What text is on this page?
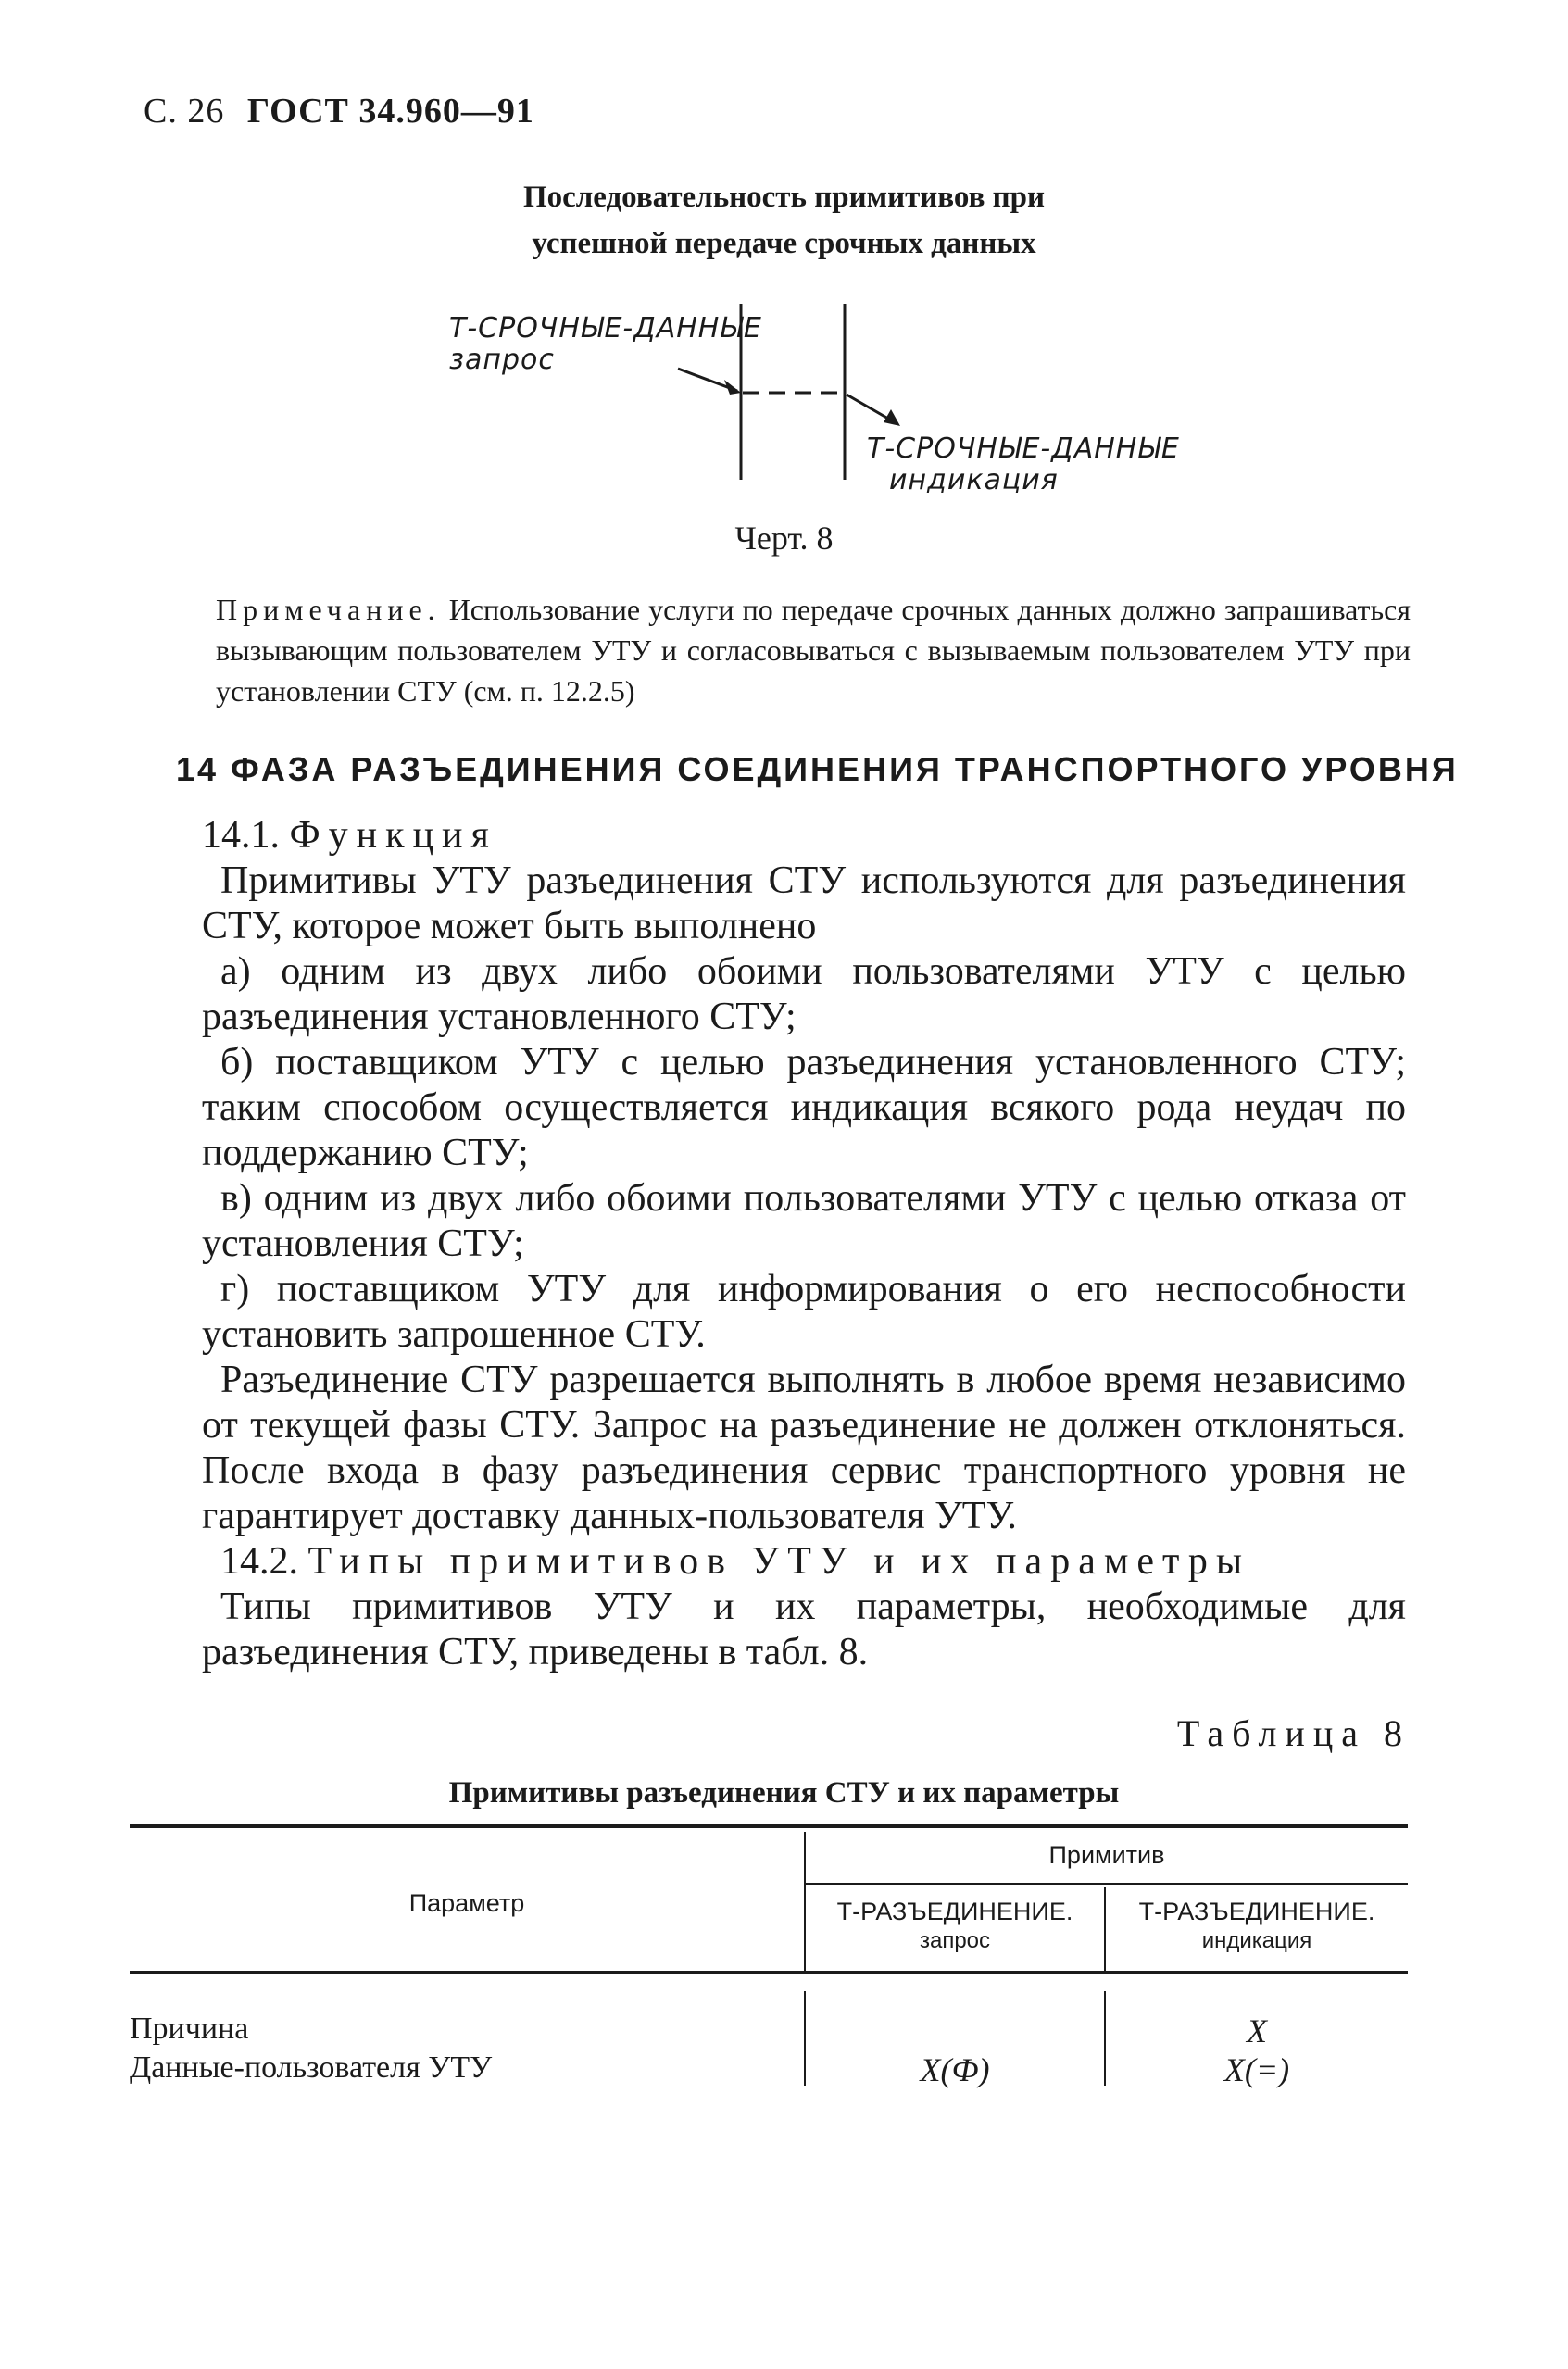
С. 26 ГОСТ 34.960—91
Последовательность примитивов при
успешной передаче срочных данных
Т-СРОЧНЫЕ-ДАННЫЕ
запрос
Т-СРОЧНЫЕ-ДАННЫЕ
индикация
Черт. 8
Примечание. Использование услуги по передаче срочных данных должно запрашиваться вызывающим пользователем УТУ и согласовываться с вызываемым пользователем УТУ при установлении СТУ (см. п. 12.2.5)
14 ФАЗА РАЗЪЕДИНЕНИЯ СОЕДИНЕНИЯ ТРАНСПОРТНОГО УРОВНЯ
14.1. Функция
Примитивы УТУ разъединения СТУ используются для разъединения СТУ, которое может быть выполнено
а) одним из двух либо обоими пользователями УТУ с целью разъединения установленного СТУ;
б) поставщиком УТУ с целью разъединения установленного СТУ; таким способом осуществляется индикация всякого рода неудач по поддержанию СТУ;
в) одним из двух либо обоими пользователями УТУ с целью отказа от установления СТУ;
г) поставщиком УТУ для информирования о его неспособности установить запрошенное СТУ.
Разъединение СТУ разрешается выполнять в любое время независимо от текущей фазы СТУ. Запрос на разъединение не должен отклоняться. После входа в фазу разъединения сервис транспортного уровня не гарантирует доставку данных-пользователя УТУ.
14.2. Типы примитивов УТУ и их параметры
Типы примитивов УТУ и их параметры, необходимые для разъединения СТУ, приведены в табл. 8.
Таблица 8
Примитивы разъединения СТУ и их параметры
Параметр
Примитив
Т-РАЗЪЕДИНЕНИЕ.
запрос
Т-РАЗЪЕДИНЕНИЕ.
индикация
Причина
Данные-пользователя УТУ	X(Ф)
X
X(=)
